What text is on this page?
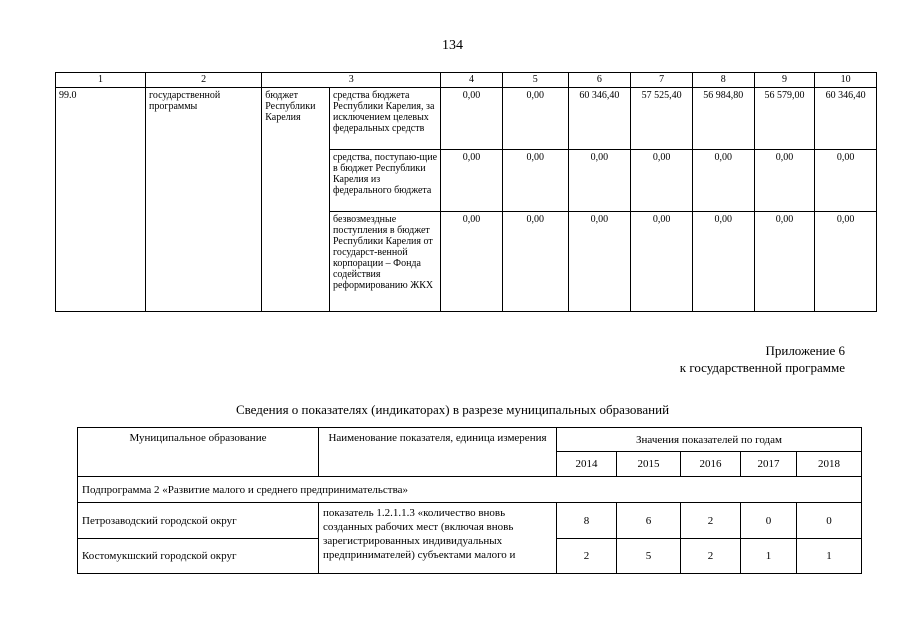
134
1	2	3		4	5	6	7	8	9	10
99.0	государственной программы	бюджет Республики Карелия	средства бюджета Республики Карелия, за исключением целевых федеральных средств	0,00	0,00	60 346,40	57 525,40	56 984,80	56 579,00	60 346,40
			средства, поступаю-щие в бюджет Республики Карелия из федерального бюджета	0,00	0,00	0,00	0,00	0,00	0,00	0,00
			безвозмездные поступления в бюджет Республики Карелия от государст-венной корпорации – Фонда содействия реформированию ЖКХ	0,00	0,00	0,00	0,00	0,00	0,00	0,00
Приложение 6
к государственной программе
Сведения о показателях (индикаторах) в разрезе муниципальных образований
Муниципальное образование	Наименование показателя, единица измерения	Значения показателей по годам				
		2014	2015	2016	2017	2018
Подпрограмма 2 «Развитие малого и среднего предпринимательства»						
Петрозаводский городской округ	показатель 1.2.1.1.3 «количество вновь созданных рабочих мест (включая вновь зарегистрированных индивидуальных предпринимателей) субъектами малого и	8	6	2	0	0
Костомукшский городской округ		2	5	2	1	1
